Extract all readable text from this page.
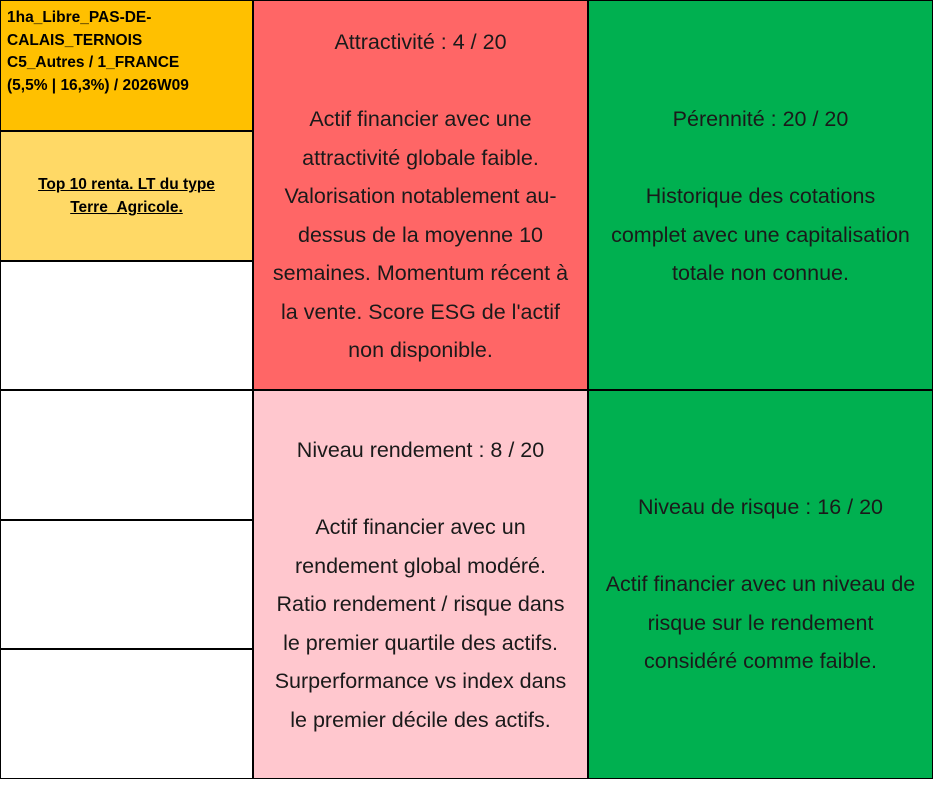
1ha_Libre_PAS-DE-
CALAIS_TERNOIS
C5_Autres / 1_FRANCE
(5,5% | 16,3%) / 2026W09
Top 10 renta. LT du type
Terre_Agricole.
Attractivité : 4 / 20
Actif financier avec une
attractivité globale faible.
Valorisation notablement au-
dessus de la moyenne 10
semaines. Momentum récent à
la vente. Score ESG de l'actif
non disponible.
Pérennité : 20 / 20
Historique des cotations
complet avec une capitalisation
totale non connue.
Niveau rendement : 8 / 20
Actif financier avec un
rendement global modéré.
Ratio rendement / risque dans
le premier quartile des actifs.
Surperformance vs index dans
le premier décile des actifs.
Niveau de risque : 16 / 20
Actif financier avec un niveau de
risque sur le rendement
considéré comme faible.
